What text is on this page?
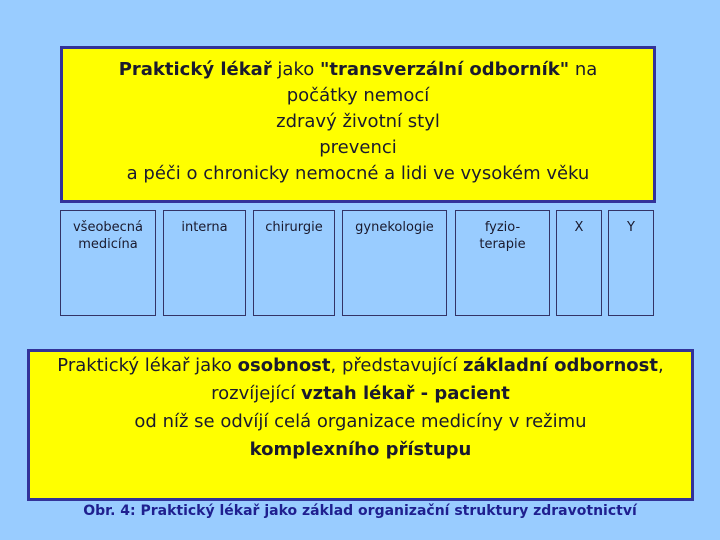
Praktický lékař jako "transverzální odborník" na
počátky nemocí
zdravý životní styl
prevenci
a péči o chronicky nemocné a lidi ve vysokém věku
všeobecná medicína
interna	chirurgie	gynekologie	fyzio-terapie
X	Y
Praktický lékař jako osobnost, představující základní odbornost,
rozvíjející vztah lékař - pacient
od níž se odvíjí celá organizace medicíny v režimu
komplexního přístupu
Obr. 4: Praktický lékař jako základ organizační struktury zdravotnictví
